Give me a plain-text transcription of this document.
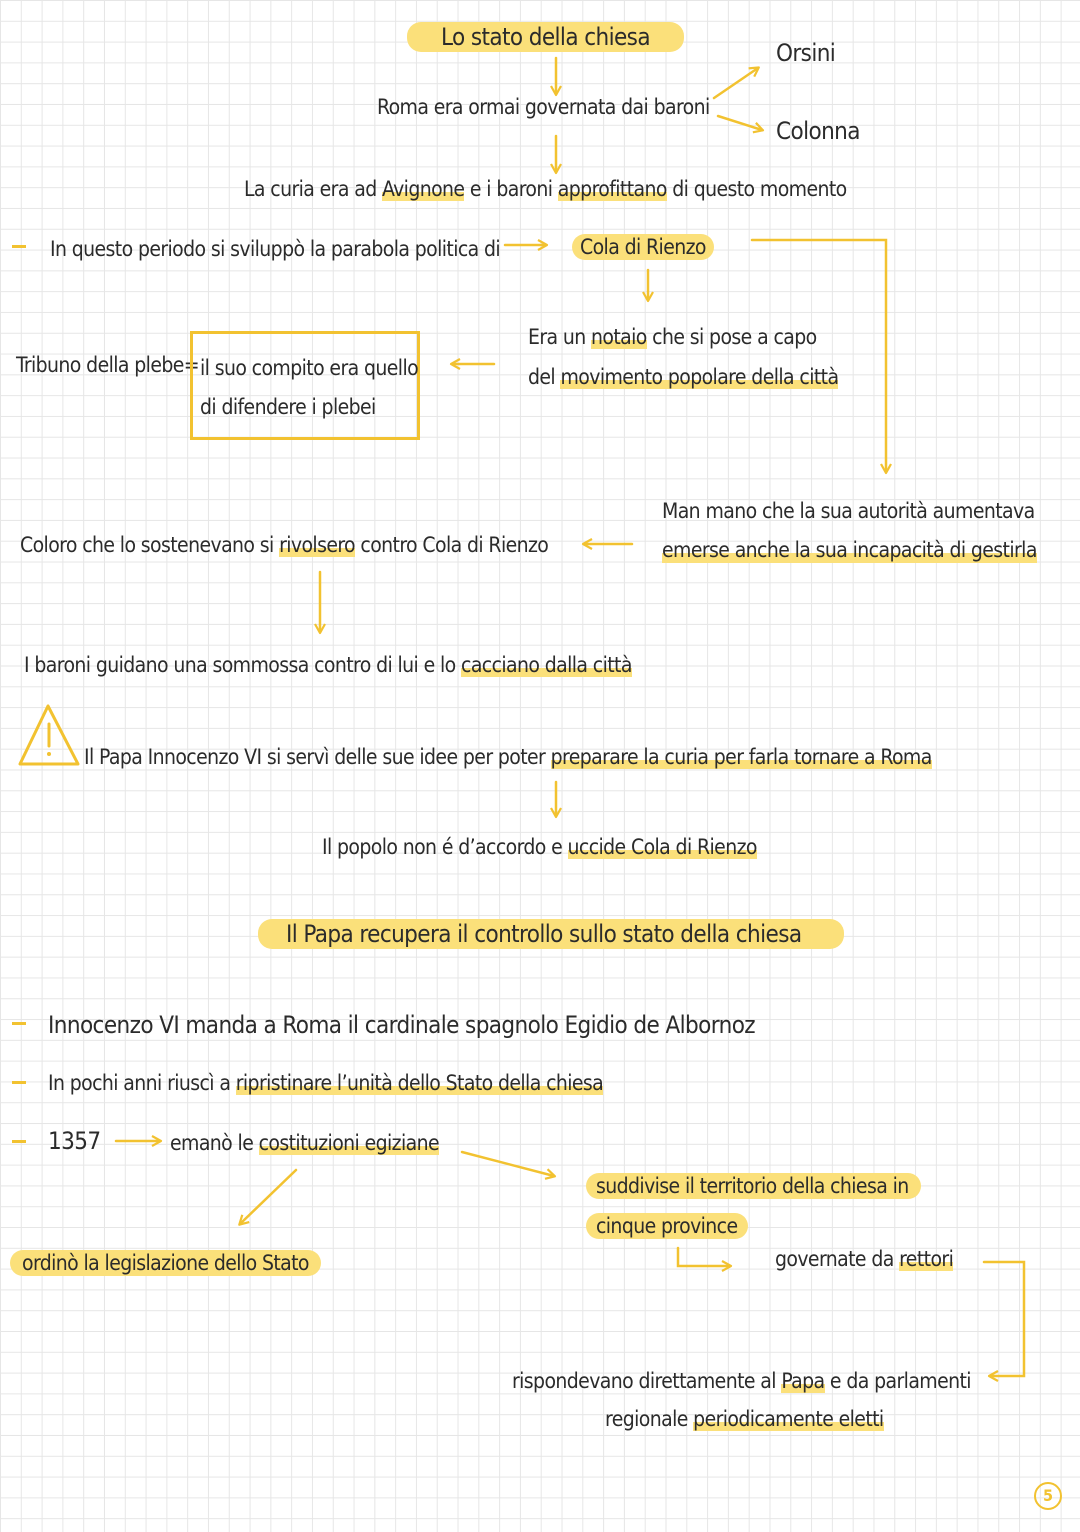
Lo stato della chiesa
Orsini
Roma era ormai governata dai baroni
Colonna
La curia era ad Avignone e i baroni approfittano di questo momento
In questo periodo si sviluppò la parabola politica di	Cola di Rienzo
Tribuno della plebe= il suo compito era quello
di difendere i plebei
Era un notaio che si pose a capo
del movimento popolare della città
Man mano che la sua autorità aumentava
emerse anche la sua incapacità di gestirla
Coloro che lo sostenevano si rivolsero contro Cola di Rienzo
I baroni guidano una sommossa contro di lui e lo cacciano dalla città
Il Papa Innocenzo VI si servì delle sue idee per poter preparare la curia per farla tornare a Roma
Il popolo non é d’accordo e uccide Cola di Rienzo
Il Papa recupera il controllo sullo stato della chiesa
Innocenzo VI manda a Roma il cardinale spagnolo Egidio de Albornoz
In pochi anni riuscì a ripristinare l’unità dello Stato della chiesa
1357	emanò le costituzioni egiziane
suddivise il territorio della chiesa in
cinque province
ordinò la legislazione dello Stato	governate da rettori
rispondevano direttamente al Papa e da parlamenti
regionale periodicamente eletti
5
